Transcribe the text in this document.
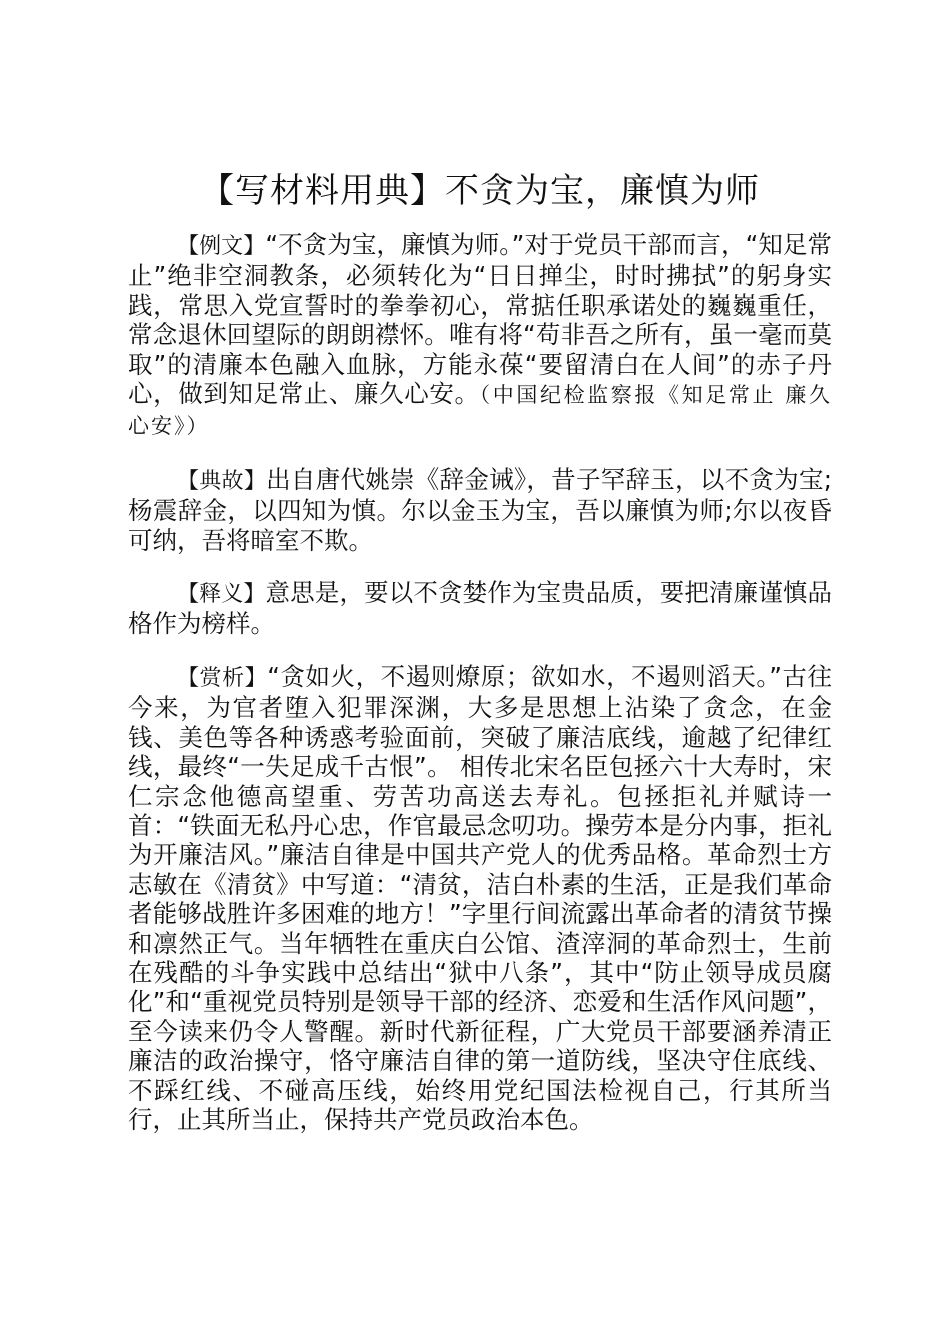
【写材料用典】不贪为宝，廉慎为师

【例文】“不贪为宝，廉慎为师。”对于党员干部而言，“知足常止”绝非空洞教条，必须转化为“日日掸尘，时时拂拭”的躬身实践，常思入党宣誓时的拳拳初心，常掂任职承诺处的巍巍重任，常念退休回望际的朗朗襟怀。唯有将“苟非吾之所有，虽一毫而莫取”的清廉本色融入血脉，方能永葆“要留清白在人间”的赤子丹心，做到知足常止、廉久心安。（中国纪检监察报《知足常止 廉久心安》）

【典故】出自唐代姚崇《辞金诫》，昔子罕辞玉，以不贪为宝;杨震辞金，以四知为慎。尔以金玉为宝，吾以廉慎为师;尔以夜昏可纳，吾将暗室不欺。

【释义】意思是，要以不贪婪作为宝贵品质，要把清廉谨慎品格作为榜样。

【赏析】“贪如火，不遏则燎原；欲如水，不遏则滔天。”古往今来，为官者堕入犯罪深渊，大多是思想上沾染了贪念，在金钱、美色等各种诱惑考验面前，突破了廉洁底线，逾越了纪律红线，最终“一失足成千古恨”。 相传北宋名臣包拯六十大寿时，宋仁宗念他德高望重、劳苦功高送去寿礼。包拯拒礼并赋诗一首：“铁面无私丹心忠，作官最忌念叨功。操劳本是分内事，拒礼为开廉洁风。”廉洁自律是中国共产党人的优秀品格。革命烈士方志敏在《清贫》中写道：“清贫，洁白朴素的生活，正是我们革命者能够战胜许多困难的地方！”字里行间流露出革命者的清贫节操和凛然正气。当年牺牲在重庆白公馆、渣滓洞的革命烈士，生前在残酷的斗争实践中总结出“狱中八条”，其中“防止领导成员腐化”和“重视党员特别是领导干部的经济、恋爱和生活作风问题”，至今读来仍令人警醒。新时代新征程，广大党员干部要涵养清正廉洁的政治操守，恪守廉洁自律的第一道防线，坚决守住底线、不踩红线、不碰高压线，始终用党纪国法检视自己，行其所当行，止其所当止，保持共产党员政治本色。
